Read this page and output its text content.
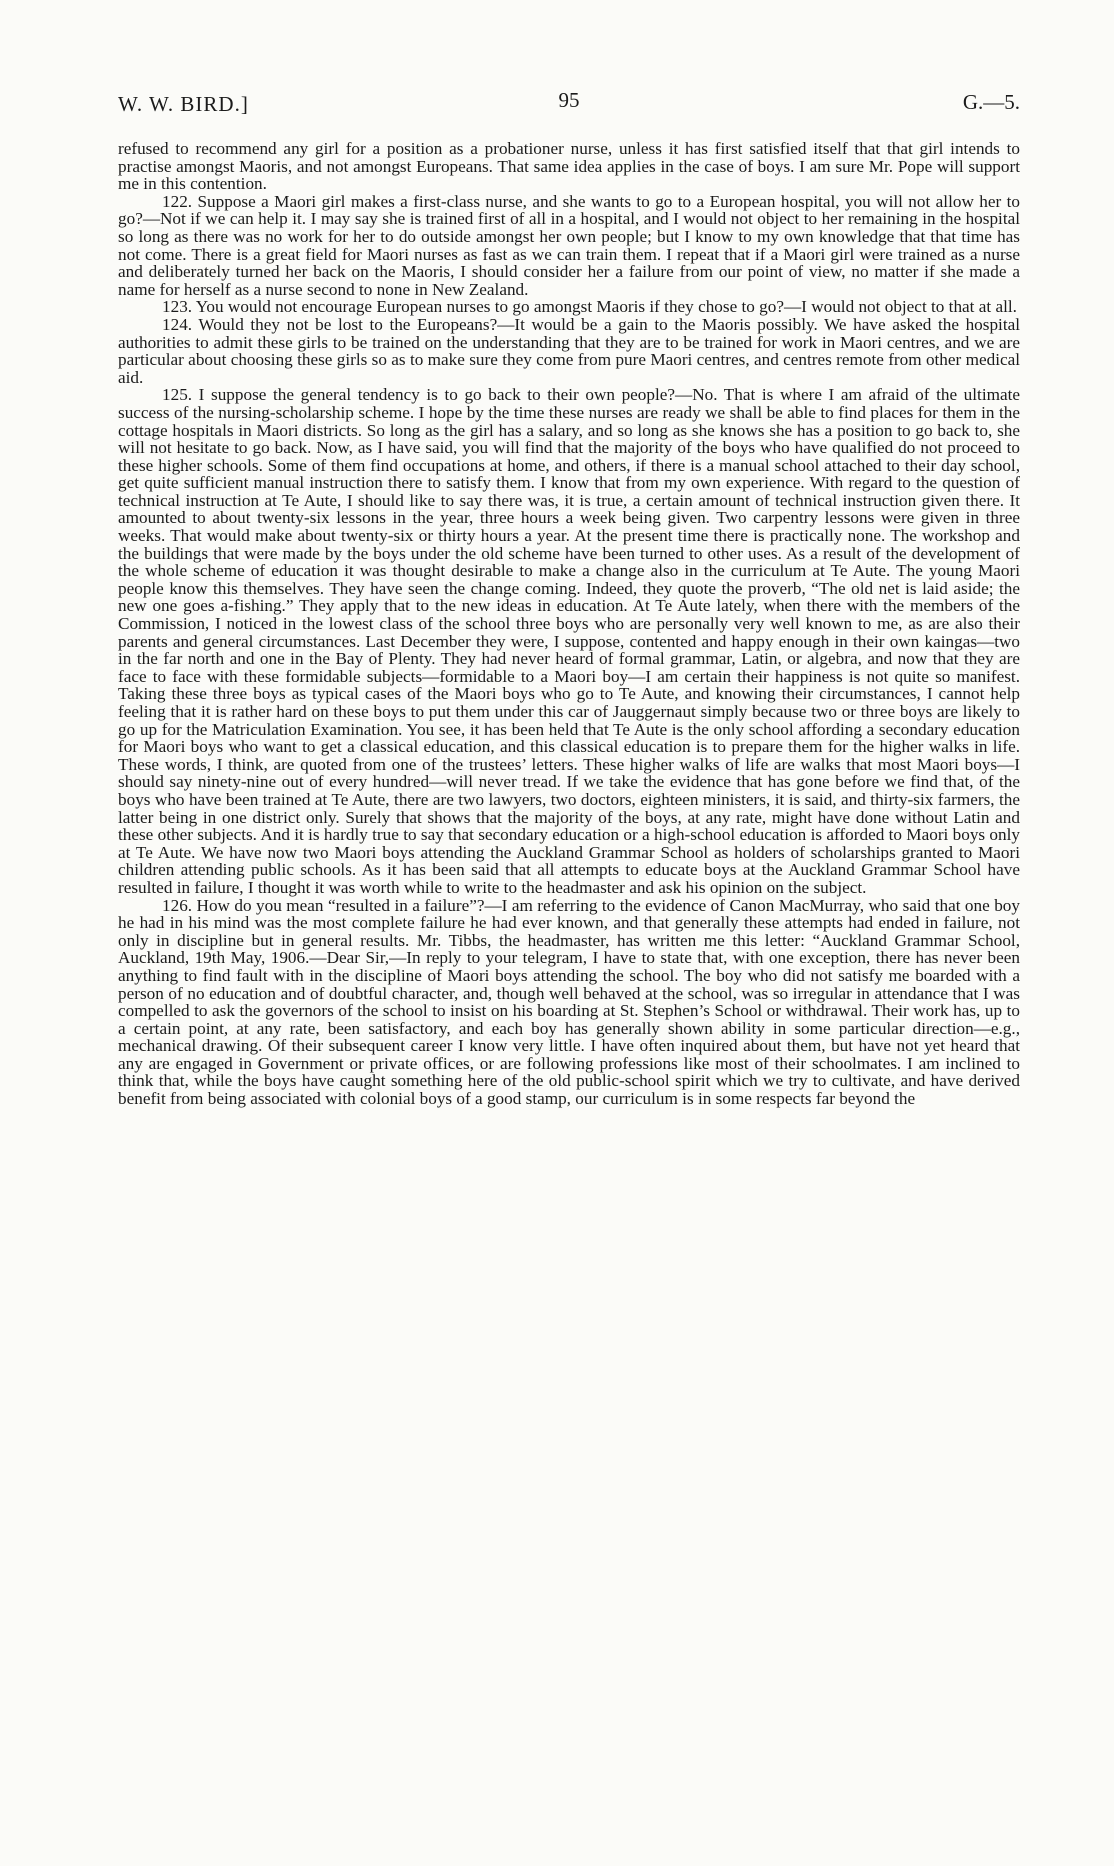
W. W. BIRD.]	95	G.—5.

refused to recommend any girl for a position as a probationer nurse, unless it has first satisfied itself that that girl intends to practise amongst Maoris, and not amongst Europeans. That same idea applies in the case of boys. I am sure Mr. Pope will support me in this contention.

122. Suppose a Maori girl makes a first-class nurse, and she wants to go to a European hospital, you will not allow her to go?—Not if we can help it. I may say she is trained first of all in a hospital, and I would not object to her remaining in the hospital so long as there was no work for her to do outside amongst her own people; but I know to my own knowledge that that time has not come. There is a great field for Maori nurses as fast as we can train them. I repeat that if a Maori girl were trained as a nurse and deliberately turned her back on the Maoris, I should consider her a failure from our point of view, no matter if she made a name for herself as a nurse second to none in New Zealand.

123. You would not encourage European nurses to go amongst Maoris if they chose to go?—I would not object to that at all.

124. Would they not be lost to the Europeans?—It would be a gain to the Maoris possibly. We have asked the hospital authorities to admit these girls to be trained on the understanding that they are to be trained for work in Maori centres, and we are particular about choosing these girls so as to make sure they come from pure Maori centres, and centres remote from other medical aid.

125. I suppose the general tendency is to go back to their own people?—No. That is where I am afraid of the ultimate success of the nursing-scholarship scheme. I hope by the time these nurses are ready we shall be able to find places for them in the cottage hospitals in Maori districts. So long as the girl has a salary, and so long as she knows she has a position to go back to, she will not hesitate to go back. Now, as I have said, you will find that the majority of the boys who have qualified do not proceed to these higher schools. Some of them find occupations at home, and others, if there is a manual school attached to their day school, get quite sufficient manual instruction there to satisfy them. I know that from my own experience. With regard to the question of technical instruction at Te Aute, I should like to say there was, it is true, a certain amount of technical instruction given there. It amounted to about twenty-six lessons in the year, three hours a week being given. Two carpentry lessons were given in three weeks. That would make about twenty-six or thirty hours a year. At the present time there is practically none. The workshop and the buildings that were made by the boys under the old scheme have been turned to other uses. As a result of the development of the whole scheme of education it was thought desirable to make a change also in the curriculum at Te Aute. The young Maori people know this themselves. They have seen the change coming. Indeed, they quote the proverb, “The old net is laid aside; the new one goes a-fishing.” They apply that to the new ideas in education. At Te Aute lately, when there with the members of the Commission, I noticed in the lowest class of the school three boys who are personally very well known to me, as are also their parents and general circumstances. Last December they were, I suppose, contented and happy enough in their own kaingas—two in the far north and one in the Bay of Plenty. They had never heard of formal grammar, Latin, or algebra, and now that they are face to face with these formidable subjects—formidable to a Maori boy—I am certain their happiness is not quite so manifest. Taking these three boys as typical cases of the Maori boys who go to Te Aute, and knowing their circumstances, I cannot help feeling that it is rather hard on these boys to put them under this car of Jauggernaut simply because two or three boys are likely to go up for the Matriculation Examination. You see, it has been held that Te Aute is the only school affording a secondary education for Maori boys who want to get a classical education, and this classical education is to prepare them for the higher walks in life. These words, I think, are quoted from one of the trustees’ letters. These higher walks of life are walks that most Maori boys—I should say ninety-nine out of every hundred—will never tread. If we take the evidence that has gone before we find that, of the boys who have been trained at Te Aute, there are two lawyers, two doctors, eighteen ministers, it is said, and thirty-six farmers, the latter being in one district only. Surely that shows that the majority of the boys, at any rate, might have done without Latin and these other subjects. And it is hardly true to say that secondary education or a high-school education is afforded to Maori boys only at Te Aute. We have now two Maori boys attending the Auckland Grammar School as holders of scholarships granted to Maori children attending public schools. As it has been said that all attempts to educate boys at the Auckland Grammar School have resulted in failure, I thought it was worth while to write to the headmaster and ask his opinion on the subject.

126. How do you mean “resulted in a failure”?—I am referring to the evidence of Canon MacMurray, who said that one boy he had in his mind was the most complete failure he had ever known, and that generally these attempts had ended in failure, not only in discipline but in general results. Mr. Tibbs, the headmaster, has written me this letter: “Auckland Grammar School, Auckland, 19th May, 1906.—Dear Sir,—In reply to your telegram, I have to state that, with one exception, there has never been anything to find fault with in the discipline of Maori boys attending the school. The boy who did not satisfy me boarded with a person of no education and of doubtful character, and, though well behaved at the school, was so irregular in attendance that I was compelled to ask the governors of the school to insist on his boarding at St. Stephen’s School or withdrawal. Their work has, up to a certain point, at any rate, been satisfactory, and each boy has generally shown ability in some particular direction—e.g., mechanical drawing. Of their subsequent career I know very little. I have often inquired about them, but have not yet heard that any are engaged in Government or private offices, or are following professions like most of their schoolmates. I am inclined to think that, while the boys have caught something here of the old public-school spirit which we try to cultivate, and have derived benefit from being associated with colonial boys of a good stamp, our curriculum is in some respects far beyond the
